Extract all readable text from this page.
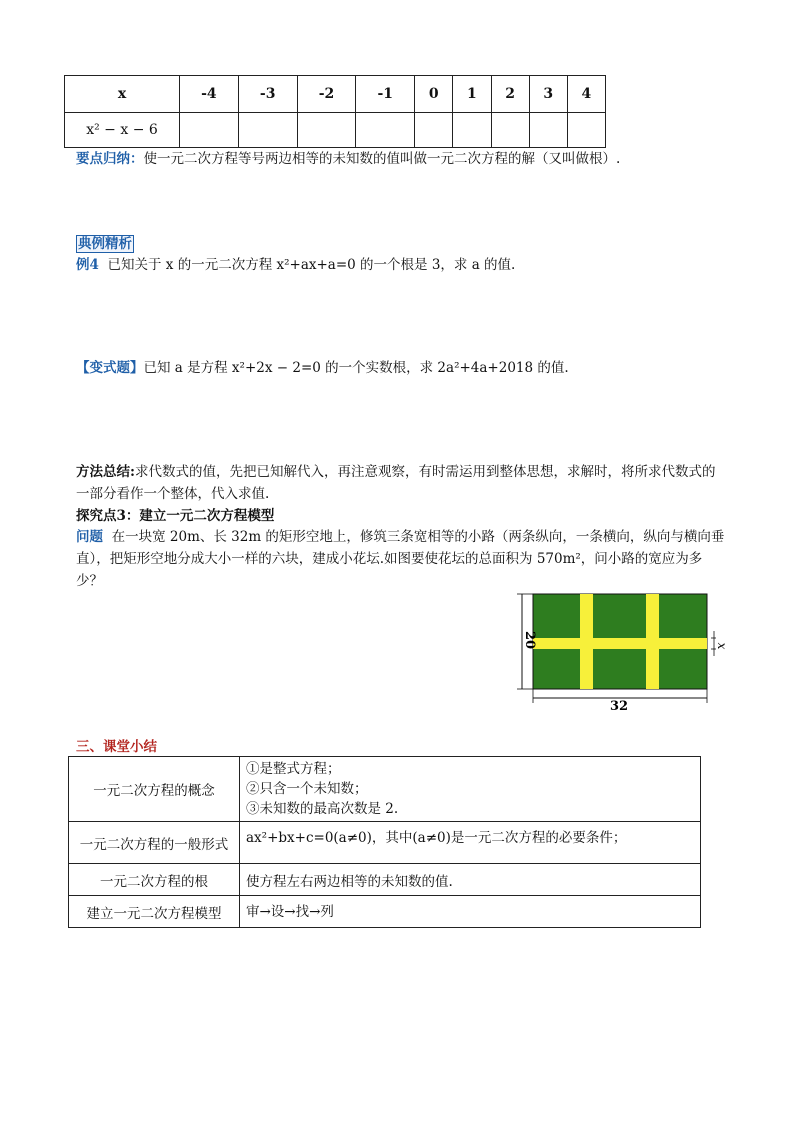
x	-4	-3	-2	-1	0	1	2	3	4
x² − x − 6									
要点归纳：使一元二次方程等号两边相等的未知数的值叫做一元二次方程的解（又叫做根）.
典例精析
例4 已知关于 x 的一元二次方程 x²+ax+a=0 的一个根是 3，求 a 的值.
【变式题】已知 a 是方程 x²+2x − 2=0 的一个实数根，求 2a²+4a+2018 的值.
方法总结:求代数式的值，先把已知解代入，再注意观察，有时需运用到整体思想，求解时，将所求代数式的一部分看作一个整体，代入求值.
探究点3：建立一元二次方程模型
问题 在一块宽 20m、长 32m 的矩形空地上，修筑三条宽相等的小路（两条纵向，一条横向，纵向与横向垂直），把矩形空地分成大小一样的六块，建成小花坛.如图要使花坛的总面积为 570m²，问小路的宽应为多少？
20
32
x
三、课堂小结
一元二次方程的概念	①是整式方程；
②只含一个未知数；
③未知数的最高次数是 2.

一元二次方程的一般形式	ax²+bx+c=0(a≠0)，其中(a≠0)是一元二次方程的必要条件；

一元二次方程的根	使方程左右两边相等的未知数的值.

建立一元二次方程模型	审→设→找→列
